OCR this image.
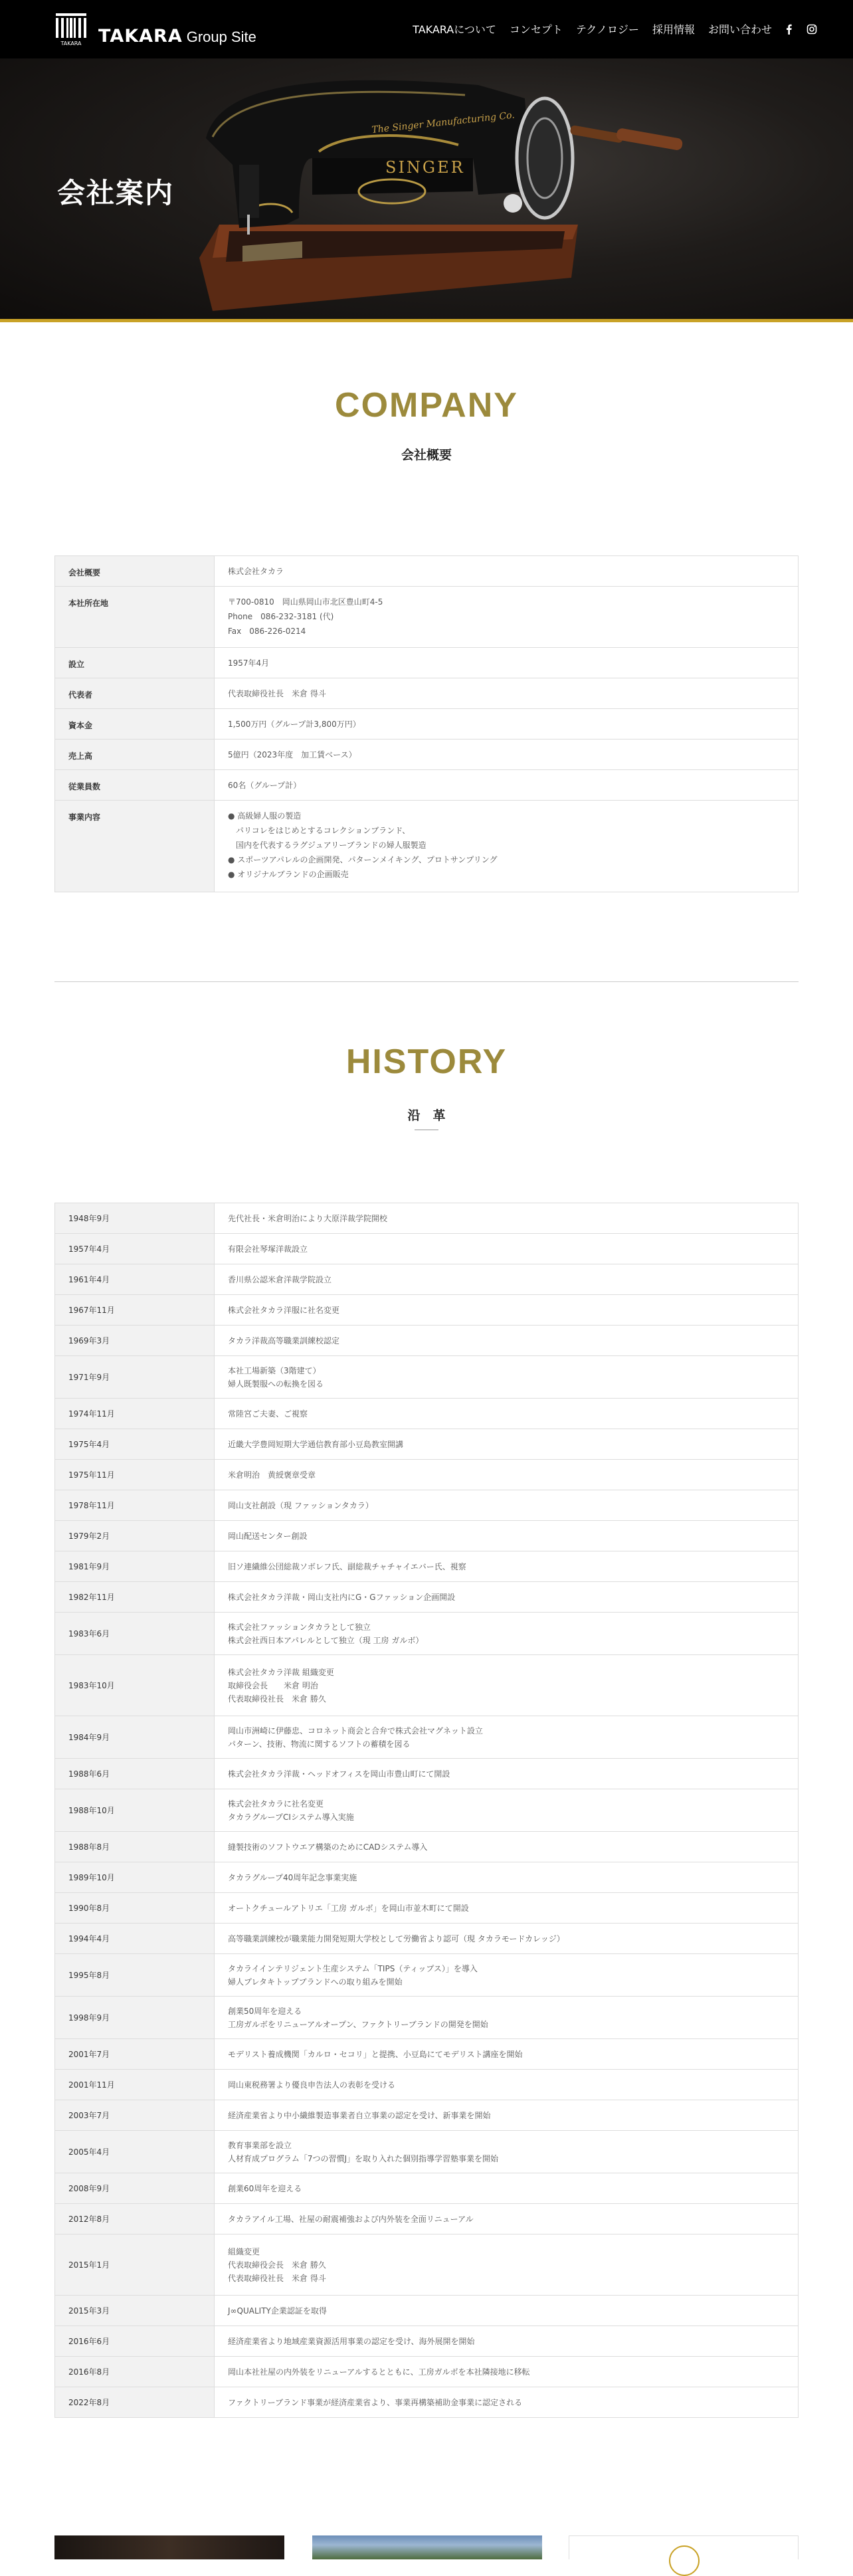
TAKARA TAKARA Group Site	TAKARAについて コンセプト テクノロジー 採用情報 お問い合わせ
The Singer Manufacturing Co.
SINGER
会社案内
COMPANY
会社概要
会社概要	株式会社タカラ

本社所在地	〒700-0810　岡山県岡山市北区豊山町4-5
Phone　086-232-3181 (代)
Fax　086-226-0214

設立	1957年4月

代表者	代表取締役社長　米倉 得斗

資本金	1,500万円（グループ計3,800万円）

売上高	5億円（2023年度　加工賃ベース）

従業員数	60名（グループ計）

事業内容	● 高級婦人服の製造
　パリコレをはじめとするコレクションブランド、
　国内を代表するラグジュアリーブランドの婦人服製造
● スポーツアパレルの企画開発、パターンメイキング、プロトサンプリング
● オリジナルブランドの企画販売
HISTORY
沿　革
1948年9月	先代社長・米倉明治により大原洋裁学院開校

1957年4月	有限会社琴塚洋裁設立

1961年4月	香川県公認米倉洋裁学院設立

1967年11月	株式会社タカラ洋服に社名変更

1969年3月	タカラ洋裁高等職業訓練校認定

1971年9月	本社工場新築（3階建て）
婦人既製服への転換を図る

1974年11月	常陸宮ご夫妻、ご視察

1975年4月	近畿大学豊岡短期大学通信教育部小豆島教室開講

1975年11月	米倉明治　黄綬褒章受章

1978年11月	岡山支社創設（現 ファッションタカラ）

1979年2月	岡山配送センター創設

1981年9月	旧ソ連繊維公団総裁ソボレフ氏、副総裁チャチャイエバー氏、視察

1982年11月	株式会社タカラ洋裁・岡山支社内にG・Gファッション企画開設

1983年6月	株式会社ファッションタカラとして独立
株式会社西日本アパレルとして独立（現 工房 ガルボ）

1983年10月	株式会社タカラ洋裁 組織変更
取締役会長　　米倉 明治
代表取締役社長　米倉 勝久

1984年9月	岡山市洲崎に伊藤忠、コロネット商会と合弁で株式会社マグネット設立
パターン、技術、物流に関するソフトの蓄積を図る

1988年6月	株式会社タカラ洋裁・ヘッドオフィスを岡山市豊山町にて開設

1988年10月	株式会社タカラに社名変更
タカラグループCIシステム導入実施

1988年8月	縫製技術のソフトウエア構築のためにCADシステム導入

1989年10月	タカラグループ40周年記念事業実施

1990年8月	オートクチュールアトリエ「工房 ガルボ」を岡山市並木町にて開設

1994年4月	高等職業訓練校が職業能力開発短期大学校として労働省より認可（現 タカラモードカレッジ）

1995年8月	タカライインテリジェント生産システム「TIPS（ティップス）」を導入
婦人プレタキトップブランドへの取り組みを開始

1998年9月	創業50周年を迎える
工房ガルボをリニューアルオープン、ファクトリーブランドの開発を開始

2001年7月	モデリスト養成機関「カルロ・セコリ」と提携、小豆島にてモデリスト講座を開始

2001年11月	岡山東税務署より優良申告法人の表彰を受ける

2003年7月	経済産業省より中小繊維製造事業者自立事業の認定を受け、新事業を開始

2005年4月	教育事業部を設立
人材育成プログラム「7つの習慣J」を取り入れた個別指導学習塾事業を開始

2008年9月	創業60周年を迎える

2012年8月	タカラアイル工場、社屋の耐震補強および内外装を全面リニューアル

2015年1月	組織変更
代表取締役会長　米倉 勝久
代表取締役社長　米倉 得斗

2015年3月	J∞QUALITY企業認証を取得

2016年6月	経済産業省より地域産業資源活用事業の認定を受け、海外展開を開始

2016年8月	岡山本社社屋の内外装をリニューアルするとともに、工房ガルボを本社隣接地に移転

2022年8月	ファクトリーブランド事業が経済産業省より、事業再構築補助金事業に認定される
